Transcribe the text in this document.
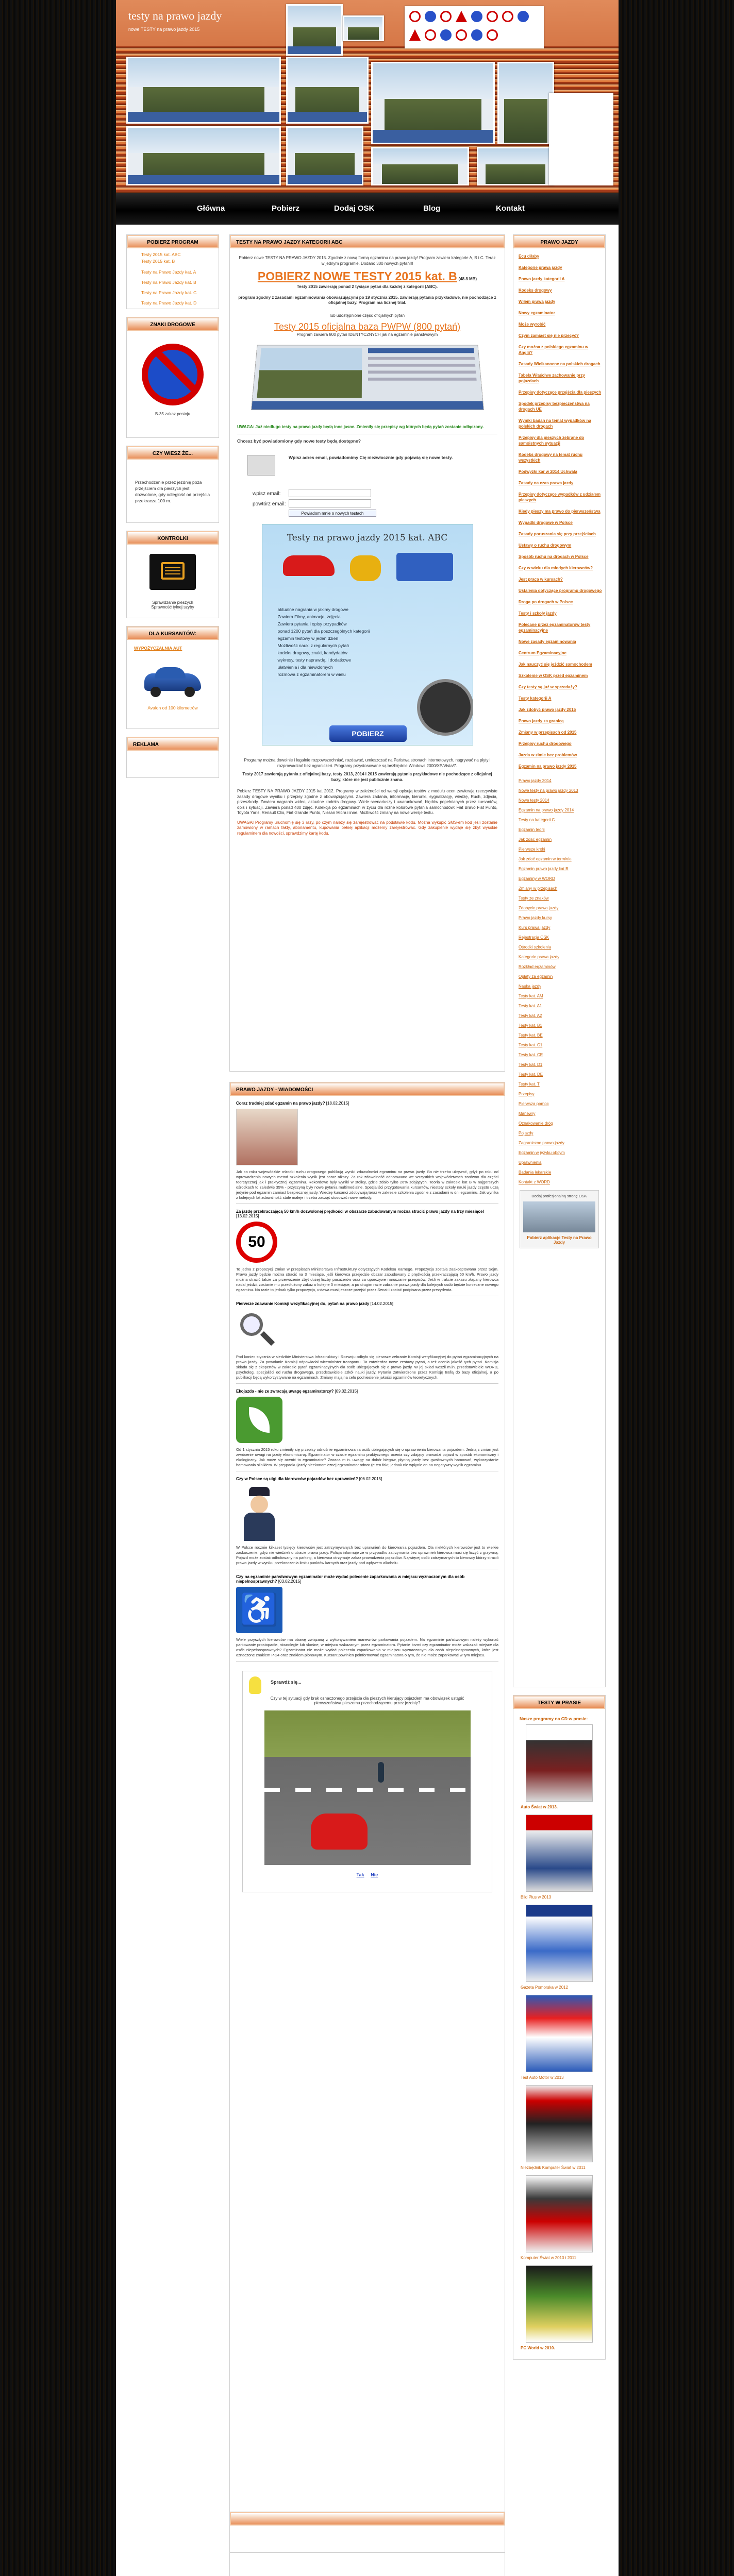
testy na prawo jazdy
nowe TESTY na prawo jazdy 2015
Główna	Pobierz	Dodaj OSK	Blog	Kontakt
POBIERZ PROGRAM
Testy 2015 kat. ABC
Testy 2015 kat. B
Testy na Prawo Jazdy kat. A
Testy na Prawo Jazdy kat. B
Testy na Prawo Jazdy kat. C
Testy na Prawo Jazdy kat. D
ZNAKI DROGOWE
B-35 zakaz postoju
CZY WIESZ ŻE...
Przechodzenie przez jezdnię poza przejściem dla pieszych jest dozwolone, gdy odległość od przejścia przekracza 100 m.
KONTROLKI
Sprawdzanie pieszych Sprawność tylnej szyby
DLA KURSANTÓW:
WYPOŻYCZALNIA AUT
Avalon od 100 kilometrów
REKLAMA
TESTY NA PRAWO JAZDY KATEGORII ABC

Pobierz nowe TESTY NA PRAWO JAZDY 2015. Zgodnie z nową formą egzaminu na prawo jazdy! Program zawiera kategorie A, B i C. Teraz w jednym programie. Dodano 300 nowych pytań!!!

POBIERZ NOWE TESTY 2015 kat. B (48.8 MB)

Testy 2015 zawierają ponad 2 tysiące pytań dla każdej z kategorii (ABC).

program zgodny z zasadami egzaminowania obowiązującymi po 19 stycznia 2015. zawierają pytania przykładowe, nie pochodzące z oficjalnej bazy. Program ma licznej trial.

lub udostępnione część oficjalnych pytań

Testy 2015 oficjalna baza PWPW (800 pytań)

Program zawiera 800 pytań IDENTYCZNYCH jak na egzaminie państwowym

UWAGA: Już niedługo testy na prawo jazdy będą inne jasne. Zmieniły się przepisy wg których będą pytań zostanie odłączony.

Chcesz być powiadomiony gdy nowe testy będą dostępne?
Wpisz adres email, powiadomimy Cię niezwłocznie gdy pojawią się nowe testy.
wpisz email:
powtórz email:
Powiadom mnie o nowych testach
Testy na prawo jazdy 2015 kat. ABC
aktualne nagrania w jakimy drogowe
Zawiera Filmy, animacje, zdjęcia
Zawiera pytania i opisy przypadków
ponad 1200 pytań dla poszczególnych kategorii
egzamin testowy w jeden dzień
Możliwość nauki z regularnych pytań
kodeks drogowy, znaki, kandydatów
wykresy, testy naprawdę, i dodatkowe
ułatwienia i dla niewidomych
rozmowa z egzaminatorem w wielu
POBIERZ

Programy można dowolnie i legalnie rozpowszechniać, rozdawać, umieszczać na Państwa stronach internetowych, nagrywać na płyty i rozprowadzać bez ograniczeń. Programy przystosowane są bezbłędnie Windows 2000/XP/Vista/7.

Testy 2017 zawierają pytania z oficjalnej bazy, testy 2013, 2014 i 2015 zawierają pytania przykładowe nie pochodzące z oficjalnej bazy, które nie jest publicznie znana.

Pobierz TESTY NA PRAWO JAZDY 2015 kat 2012. Programy w zależności od wersji opisują testów z modułu ocen zawierają rzeczywiste zasady drogowe wyniku i przepisy zgodne z obowiązującymi. Zawiera zadania, informacje, kierunki, sygnalizację, wiedzę, Ruch, zdjęcia, przeszkody. Zawiera nagrania wideo, aktualne kodeks drogowy. Wiele scenariuszy i uwarunkowań, błędów popełnianych przez kursantów, opis i sytuacji. Zawiera ponad 400 zdjęć. Kolekcja po egzaminach w życiu dla rożne kolorowe pytania samochodów: Fiat Bravo Fiat Punto, Toyota Yaris, Renault Clio, Fiat Grande Punto, Nissan Micra i inne. Możliwość zmiany na nowe wersje testu.

UWAGA! Programy uruchomię się 3 razy, po czym należy się zarejestrować na podstawie kodu. Można wykupić SMS-em kod jeśli zostanie zamówiony w ramach fakty, abonamentu, kupowania pełnej aplikacji możemy zarejestrować. Gdy zakupienie wydaje się zbyt wysokie regulaminem dla nowości, sprawdzimy kartę kodu.

PRAWO JAZDY - WIADOMOŚCI
Coraz trudniej zdać egzamin na prawo jazdy? [18.02.2015]

Jak co roku wojewódzkie ośrodki ruchu drogowego publikują wyniki zdawalności egzaminu na prawo jazdy. Bo nie trzeba ukrywać, gdyż po roku od wprowadzenia nowych metod szkolenia wynik jest coraz niższy. Za rok zdawalność odnotowano we wszystkich województwach zarówno dla części teoretycznej jak i praktycznej egzaminu. Rekordowe były wyniki w stolicy, gdzie zdało tylko 26% zdających. Teoria w zakresie kat B w najgorszych ośrodkach to zaledwie 35% - przyczyną były nowe pytania multimedialne. Specjaliści przygotowania kursantów, niestety szkoły nauki jazdy często uczą jedynie pod egzamin zamiast bezpiecznej jazdy. Wiedzę kursanci zdobywają teraz w zakresie szkolenia zgodnie z zasadami w dni egzaminu. Jak wynika z kolejnych lat zdawalność stale maleje i trzeba zacząć stosować nowe metody.

Za jazdę przekraczającą 50 km/h dozwolonej prędkości w obszarze zabudowanym można stracić prawo jazdy na trzy miesiące! [13.02.2015]
50

To jedna z propozycji zmian w przepisach Ministerstwa Infrastruktury dotyczących Kodeksu Karnego. Propozycja została zaakceptowana przez Sejm. Prawo jazdy będzie można stracić na 3 miesiące, jeśli kierowca przejedzie obszar zabudowany z prędkością przekraczającą 50 km/h. Prawo jazdy można stracić także za przewożenie zbyt dużej liczby pasażerów oraz za uporczywe naruszanie przepisów. Jeśli w trakcie zakazu złapany kierowca nadal jeździ, zostanie mu przedłużony zakaz o kolejne 3 miesiące, a po drugim razie zabranie prawa jazdy dla kolejnych osób będzie konieczne nowego egzaminu. Na razie to jednak tylko propozycja, ustawa musi jeszcze przejść przez Senat i zostać podpisana przez prezydenta.

Pierwsze zdawanie Komisji wezyfikacyjnej do, pytań na prawo jazdy [14.02.2015]

Pod koniec stycznia w siedzibie Ministerstwa Infrastruktury i Rozwoju odbyło się pierwsze zebranie Komisji weryfikacyjnej do pytań egzaminacyjnych na prawo jazdy. Za powołanie Komisji odpowiadał wiceminister transportu. Ta zatwierdza nowe zestawy pytań, a też ocenia jakość tych pytań. Komisja składa się z ekspertów w zakresie pytań egzaminacyjnych dla osób ubiegających się o prawo jazdy. W jej skład weszli m.in. przedstawiciele WORD, psycholog, specjaliści od ruchu drogowego, przedstawiciele szkół nauki jazdy. Pytania zatwierdzone przez Komisję trafią do bazy oficjalnej, a po publikacji będą wykorzystywane na egzaminach. Zmiany mają na celu podniesienie jakości egzaminów teoretycznych.

Ekojazda - nie ze zwracają uwagę egzaminatorzy? [09.02.2015]

Od 1 stycznia 2015 roku zmieniły się przepisy odnośnie egzaminowania osób ubiegających się o uprawnienia kierowania pojazdem. Jedną z zmian jest zwrócenie uwagi na jazdę ekonomiczną. Egzaminator w czasie egzaminu praktycznego ocenia czy zdający prowadzi pojazd w sposób ekonomiczny i ekologiczny. Jak może się ocenić to egzaminator? Zwraca m.in. uwagę na dobór biegów, płynną jazdę bez gwałtownych hamowań, wykorzystanie hamowania silnikiem. W przypadku jazdy nieekonomicznej egzaminator odnotuje ten fakt, jednak nie wpłynie on na negatywny wynik egzaminu.

Czy w Polsce są ulgi dla kierowców pojazdów bez uprawnień? [06.02.2015]

W Polsce rocznie kilkaset tysięcy kierowców jest zatrzymywanych bez uprawnień do kierowania pojazdem. Dla niektórych kierowców jest to wielkie zaskoczenie, gdyż nie wiedzieli o utracie prawa jazdy. Policja informuje że w przypadku zatrzymania bez uprawnień kierowca musi się liczyć z grzywną. Pojazd może zostać odholowany na parking, a kierowca otrzymuje zakaz prowadzenia pojazdów. Najwięcej osób zatrzymanych to kierowcy którzy stracili prawo jazdy w wyniku przekroczenia limitu punktów karnych oraz jazdy pod wpływem alkoholu.

Czy na egzaminie państwowym egzaminator może wydać polecenie zaparkowania w miejscu wyznaczonym dla osób niepełnosprawnych? [03.02.2015]
♿

Wiele przyszłych kierowców ma obawę związaną z wykonywaniem manewrów parkowania pojazdem. Na egzaminie państwowym należy wykonać parkowanie prostopadłe, równoległe lub skośne, w miejscu wskazanym przez egzaminatora. Pytanie brzmi czy egzaminator może wskazać miejsce dla osób niepełnosprawnych? Egzaminator nie może wydać polecenia zaparkowania w miejscu wyznaczonym dla osób niepełnosprawnych, które jest oznaczone znakiem P-24 oraz znakiem pionowym. Kursant powinien poinformować egzaminatora o tym, że nie może zaparkować w tym miejscu.

Sprawdź się...
Czy w tej sytuacji gdy brak oznaczonego przejścia dla pieszych kierujący pojazdem ma obowiązek ustąpić pierwszeństwa pieszemu przechodzącemu przez jezdnię?
Tak Nie
PRAWO JAZDY
Ecu dilaby
Kategorie prawa jazdy
Prawo jazdy kategorii A
Kodeks drogowy
Wiłem prawa jazdy
Nowy egzaminator
Może wyrobić
Czym zamiast się nie przecyć?
Czy można z polskiego egzaminu w Anglii?
Zasady Wielkanocne na polskich drogach
Tabela Właściwe zachowanie przy pojazdach
Przepisy dotyczące przejścia dla pieszych
Spodek przepisy bezpieczeństwa na drogach UE
Wyniki badań na temat wypadków na polskich drogach
Przepisy dla pieszych zebrane do samoistnych sytuacji
Kodeks drogowy na temat ruchu wszystkich
Podwyżki kar w 2014 Uchwała
Zasady na czas prawa jazdy
Przepisy dotyczące wypadków z udziałem pieszych
Kiedy pieszy ma prawo do pierwszeństwa
Wypadki drogowe w Polsce
Zasady poruszania się przy przejściach
Ustawy o ruchu drogowym
Sposób ruchu na drogach w Polsce
Czy w wieku dla młodych kierowców?
Jest praca w kursach?
Ustalenia dotyczące programu drogowego
Droga po drogach w Polsce
Testy i szkoły jazdy
Polecane przez egzaminatorów testy egzaminacyjne
Nowe zasady egzaminowania
Centrum Egzaminacyjne
Jak nauczyć się jeździć samochodem
Szkolenie w OSK przed egzaminem
Czy testy są już w sprzedaży?
Testy kategorii A
Jak zdobyć prawo jazdy 2015
Prawo jazdy za granicą
Zmiany w przepisach od 2015
Przepisy ruchu drogowego
Jazda w zimie bez problemów
Egzamin na prawo jazdy 2015
Prawo jazdy 2014
Nowe testy na prawo jazdy 2013
Nowe testy 2014
Egzamin na prawo jazdy 2014
Testy na kategorii C
Egzamin teorii
Jak zdać egzamin
Pierwsze kroki
Jak zdać egzamin w terminie
Egzamin prawo jazdy kat B
Egzaminy w WORD
Zmiany w przepisach
Testy ze znaków
Zdobycie prawa jazdy
Prawo jazdy kursy
Kurs prawa jazdy
Rejestracja OSK
Ośrodki szkolenia
Kategorie prawa jazdy
Rozkład egzaminów
Opłaty za egzamin
Nauka jazdy
Testy kat. AM
Testy kat. A1
Testy kat. A2
Testy kat. B1
Testy kat. BE
Testy kat. C1
Testy kat. CE
Testy kat. D1
Testy kat. DE
Testy kat. T
Przepisy
Pierwsza pomoc
Manewry
Oznakowanie dróg
Pojazdy
Zagraniczne prawo jazdy
Egzamin w języku obcym
Uprawnienia
Badania lekarskie
Kontakt z WORD
Dodaj profesjonalną stronę OSK
Pobierz aplikacje Testy na Prawo Jazdy
TESTY W PRASIE
Nasze programy na CD w prasie:
Auto Świat w 2013.
Bild Plus w 2013
Gazeta Pomorska w 2012
Test Auto Motor w 2013
Niezbędnik Komputer Świat w 2011
Komputer Świat w 2010 i 2011
PC World w 2010.
